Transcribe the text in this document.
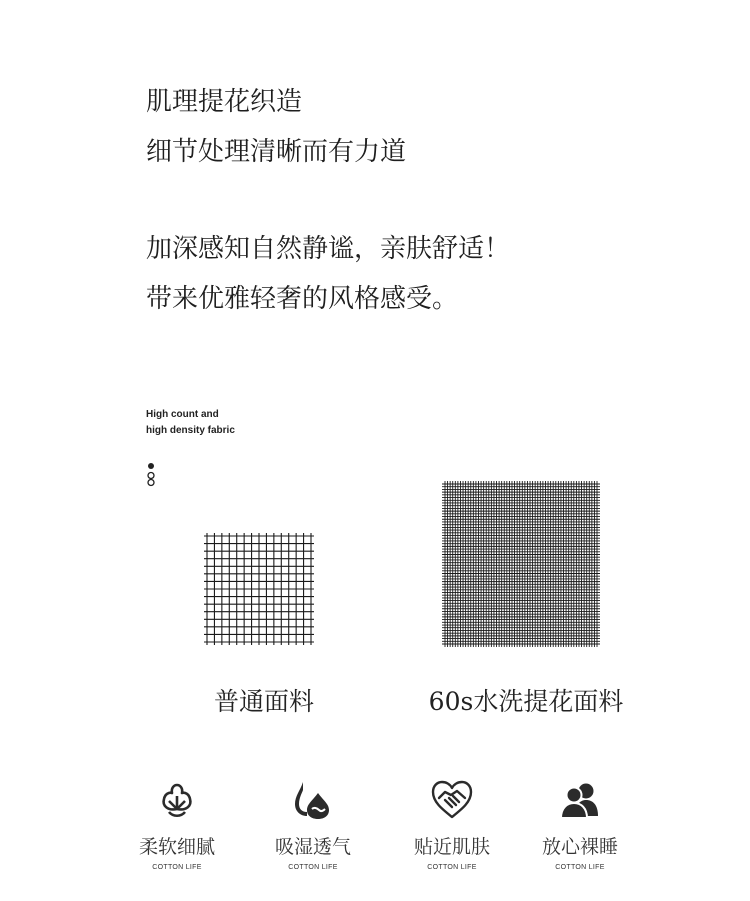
肌理提花织造

细节处理清晰而有力道

加深感知自然静谧，亲肤舒适！

带来优雅轻奢的风格感受。

High count and
high density fabric
普通面料	60s水洗提花面料
柔软细腻
COTTON LIFE
吸湿透气
COTTON LIFE
贴近肌肤
COTTON LIFE
放心裸睡
COTTON LIFE
